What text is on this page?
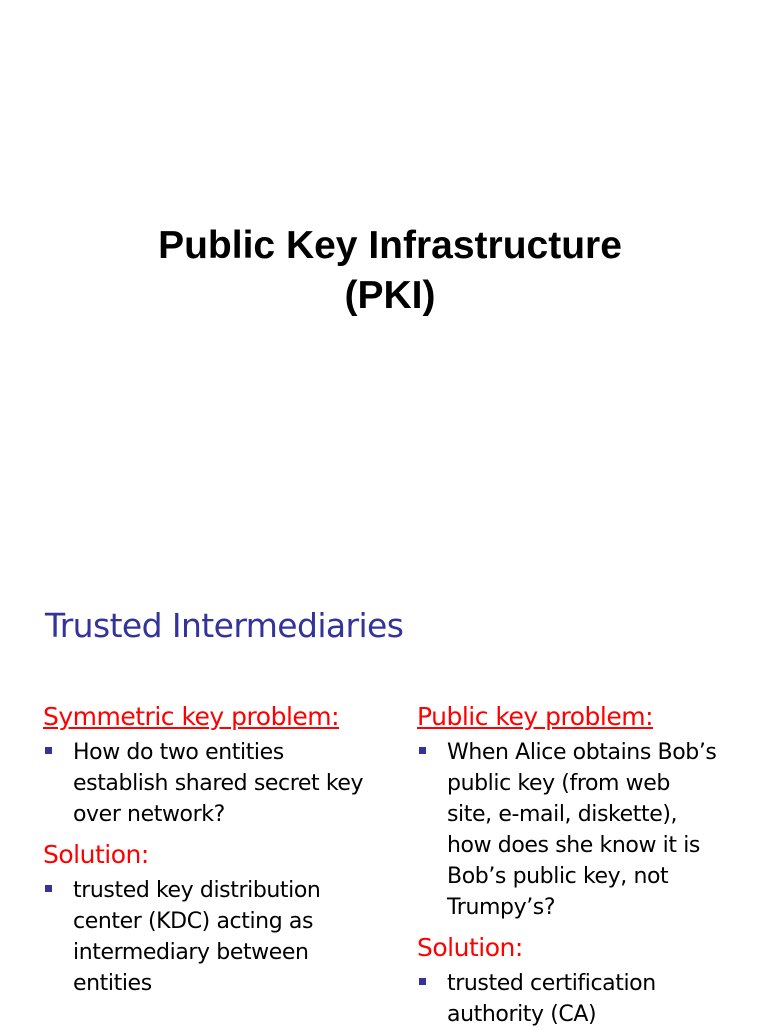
Public Key Infrastructure
(PKI)
Trusted Intermediaries
Symmetric key problem:
How do two entities
establish shared secret key
over network?
Solution:
trusted key distribution
center (KDC) acting as
intermediary between
entities
Public key problem:
When Alice obtains Bob’s
public key (from web
site, e-mail, diskette),
how does she know it is
Bob’s public key, not
Trumpy’s?
Solution:
trusted certification
authority (CA)
